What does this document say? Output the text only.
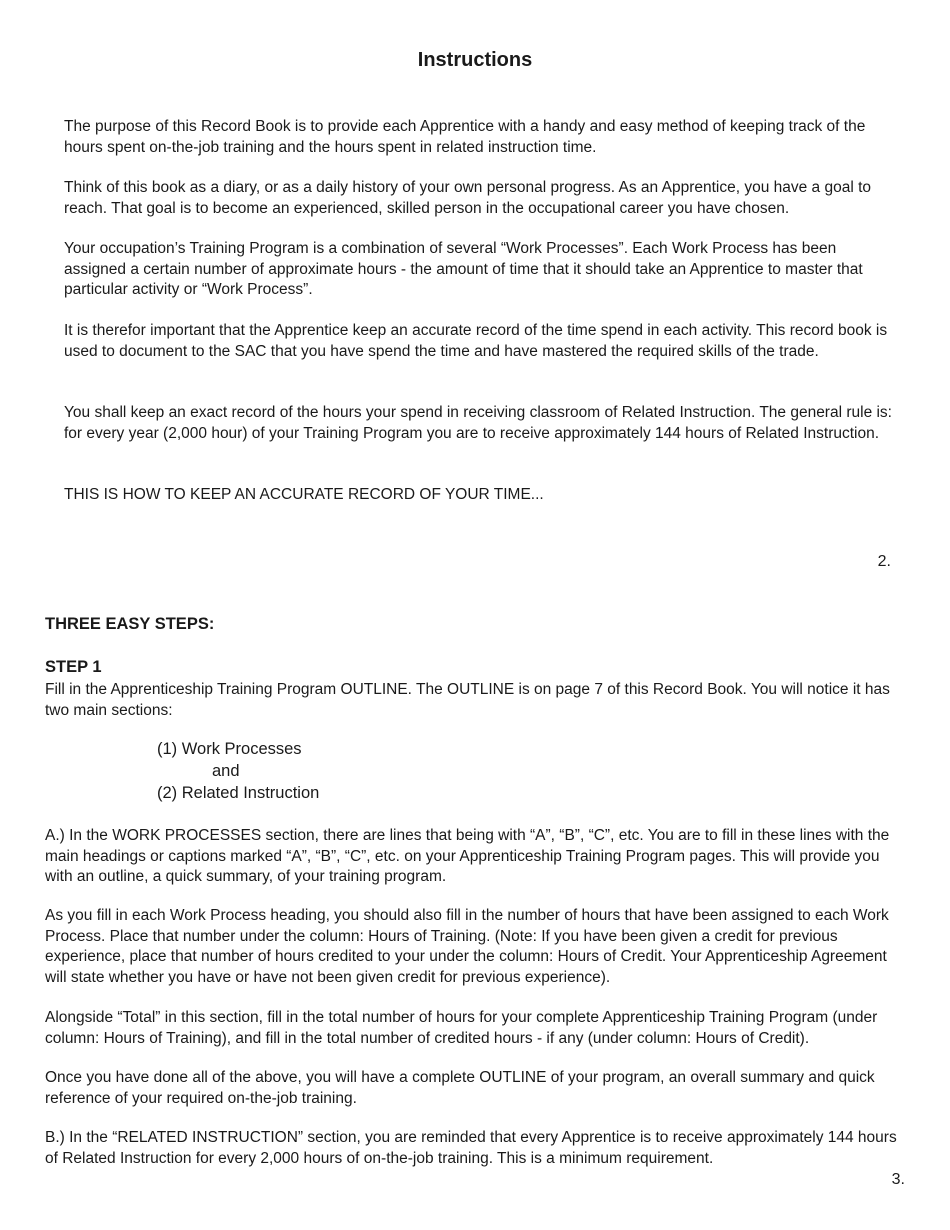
Instructions

The purpose of this Record Book is to provide each Apprentice with a handy and easy method of keeping track of the hours spent on-the-job training and the hours spent in related instruction time.

Think of this book as a diary, or as a daily history of your own personal progress. As an Apprentice, you have a goal to reach. That goal is to become an experienced, skilled person in the occupational career you have chosen.

Your occupation’s Training Program is a combination of several “Work Processes”. Each Work Process has been assigned a certain number of approximate hours - the amount of time that it should take an Apprentice to master that particular activity or “Work Process”.

It is therefor important that the Apprentice keep an accurate record of the time spend in each activity. This record book is used to document to the SAC that you have spend the time and have mastered the required skills of the trade.

You shall keep an exact record of the hours your spend in receiving classroom of Related Instruction. The general rule is: for every year (2,000 hour) of your Training Program you are to receive approximately 144 hours of Related Instruction.

THIS IS HOW TO KEEP AN ACCURATE RECORD OF YOUR TIME...

2.
THREE EASY STEPS:
STEP 1

Fill in the Apprenticeship Training Program OUTLINE. The OUTLINE is on page 7 of this Record Book. You will notice it has two main sections:

(1) Work Processes

and

(2) Related Instruction

A.) In the WORK PROCESSES section, there are lines that being with “A”, “B”, “C”, etc. You are to fill in these lines with the main headings or captions marked “A”, “B”, “C”, etc. on your Apprenticeship Training Program pages. This will provide you with an outline, a quick summary, of your training program.

As you fill in each Work Process heading, you should also fill in the number of hours that have been assigned to each Work Process. Place that number under the column: Hours of Training. (Note: If you have been given a credit for previous experience, place that number of hours credited to your under the column: Hours of Credit. Your Apprenticeship Agreement will state whether you have or have not been given credit for previous experience).

Alongside “Total” in this section, fill in the total number of hours for your complete Apprenticeship Training Program (under column: Hours of Training), and fill in the total number of credited hours - if any (under column: Hours of Credit).

Once you have done all of the above, you will have a complete OUTLINE of your program, an overall summary and quick reference of your required on-the-job training.

B.) In the “RELATED INSTRUCTION” section, you are reminded that every Apprentice is to receive approximately 144 hours of Related Instruction for every 2,000 hours of on-the-job training. This is a minimum requirement.

3.
